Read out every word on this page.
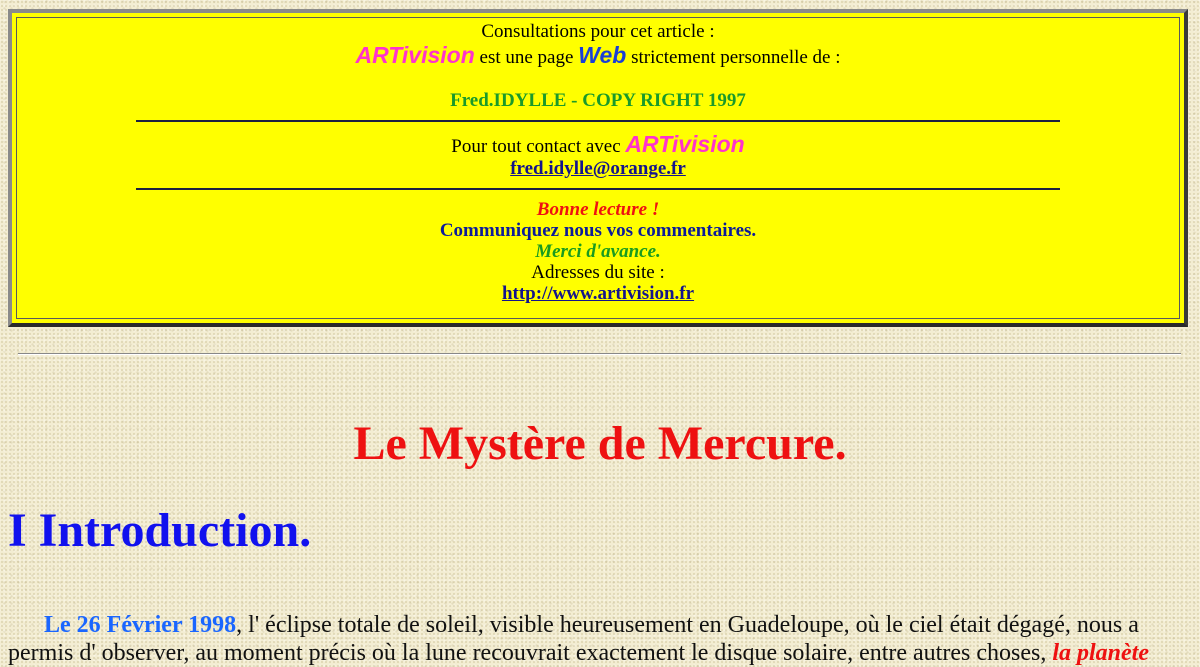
Consultations pour cet article :
ARTivision est une page Web strictement personnelle de :
Fred.IDYLLE - COPY RIGHT 1997
Pour tout contact avec ARTivision
fred.idylle@orange.fr
Bonne lecture !
Communiquez nous vos commentaires.
Merci d'avance.
Adresses du site :
http://www.artivision.fr
Le Mystère de Mercure.
I Introduction.

Le 26 Février 1998, l' éclipse totale de soleil, visible heureusement en Guadeloupe, où le ciel était dégagé, nous a permis d' observer, au moment précis où la lune recouvrait exactement le disque solaire, entre autres choses, la planète
